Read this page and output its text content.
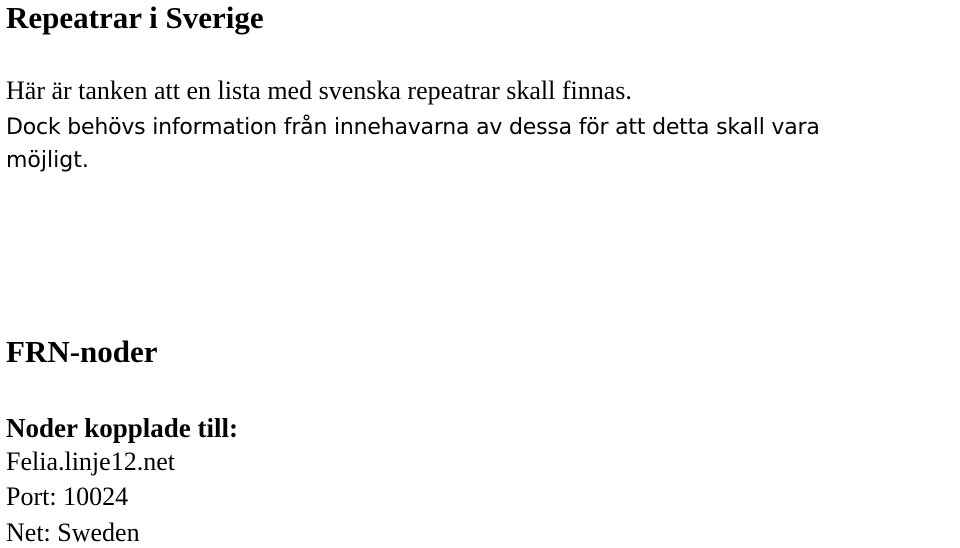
Repeatrar i Sverige

Här är tanken att en lista med svenska repeatrar skall finnas.

Dock behövs information från innehavarna av dessa för att detta skall vara

möjligt.

FRN-noder
Noder kopplade till:

Felia.linje12.net

Port: 10024

Net: Sweden
